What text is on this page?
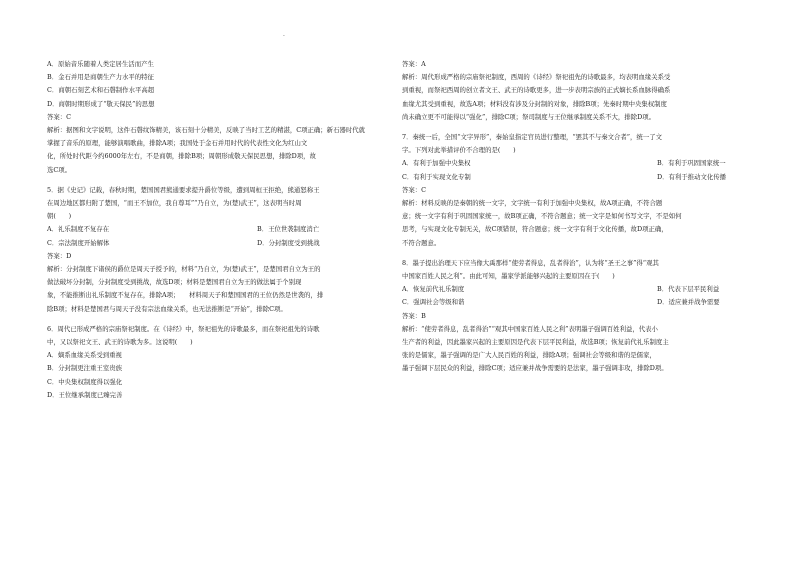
·
A．原始音乐随着人类定居生活而产生
B．金石并用是商朝生产力水平的特征
C．商朝石刻艺术和石磬制作水平高超
D．商朝时期形成了“敬天保民”的思想
答案：C
解析：据图和文字说明，这件石磬纹饰精美，该石刻十分精美，反映了当时工艺的精湛，C项正确；新石器时代就
掌握了音乐的原理，能够演唱歌曲，排除A项；我国处于金石并用时代的代表性文化为红山文
化，所处时代距今约6000年左右，不是商朝，排除B项；周朝形成敬天保民思想，排除D项，故
选C项。
5．据《史记》记载，春秋时期，楚国国君熊通要求提升爵位等级，遭到周桓王拒绝，熊通怒称王
在周边地区都归附了楚国，“而王不加位，我自尊耳”“乃自立，为(楚)武王”，这表明当时周
朝(　　)
A．礼乐制度不复存在	B．王位世袭制度消亡
C．宗法制度开始解体	D．分封制度受到挑战
答案：D
解析：分封制度下诸侯的爵位是周天子授予的，材料“乃自立，为(楚)武王”，是楚国君自立为王的
做法破坏分封制，分封制度受到挑战，故选D项；材料是楚国君自立为王的做法属于个别现
象，不能推断出礼乐制度不复存在，排除A项；　　材料周天子和楚国国君的王位仍然是世袭的，排
除B项；材料是楚国君与周天子没有宗法血缘关系，也无法推断是“开始”，排除C项。
6．周代已形成严格的宗庙祭祀制度。在《诗经》中，祭祀祖先的诗歌最多，而在祭祀祖先的诗歌
中，又以祭祀文王、武王的诗歌为多。这说明(　　)
A．嫡系血缘关系受到重视
B．分封制更注重王室贵族
C．中央集权制度得以强化
D．王位继承制度已臻完善
答案：A
解析：周代形成严格的宗庙祭祀制度，西周的《诗经》祭祀祖先的诗歌最多，均表明血缘关系受
到重视，而祭祀西周的创立者文王、武王的诗歌更多，进一步表明宗族的正式嫡长系血脉得确系
血缘尤其受到重视，故选A项；材料没有涉及分封制的对象，排除B项；先秦时期中央集权制度
尚未确立更不可能得以“强化”，排除C项；祭司制度与王位继承制度关系不大，排除D项。
7．秦统一后，全国“文字异形”，秦始皇指定官员进行整理，“罢其不与秦文合者”，统一了文
字。下列对此举措评价不合理的是(　　)
A．有利于加强中央集权	B．有利于巩固国家统一
C．有利于实现文化专制	D．有利于推动文化传播
答案：C
解析：材料反映的是秦朝的统一文字，文字统一有利于加强中央集权，故A项正确，不符合题
意；统一文字有利于巩固国家统一，故B项正确，不符合题意；统一文字是如何书写文字，不是如何
思考，与实现文化专制无关，故C项错误，符合题意；统一文字有利于文化传播，故D项正确，
不符合题意。
8．墨子提出治理天下应当像大禹那样“使劳者得息，乱者得治”，认为将“圣王之事”得“观其
中国家百姓人民之利”。由此可知，墨家学派能够兴起的主要原因在于(　　)
A．恢复前代礼乐制度	B．代表下层平民利益
C．强调社会等级和谐	D．适应兼并战争需要
答案：B
解析：“使劳者得息，乱者得治”“观其中国家百姓人民之利”表明墨子强调百姓利益，代表小
生产者的利益，因此墨家兴起的主要原因是代表下层平民利益，故选B项；恢复前代礼乐制度主
张的是儒家，墨子强调的是广大人民百姓的利益，排除A项；强调社会等级和谐的是儒家，
墨子强调下层民众的利益，排除C项；适应兼并战争需要的是法家，墨子强调非攻，排除D项。
